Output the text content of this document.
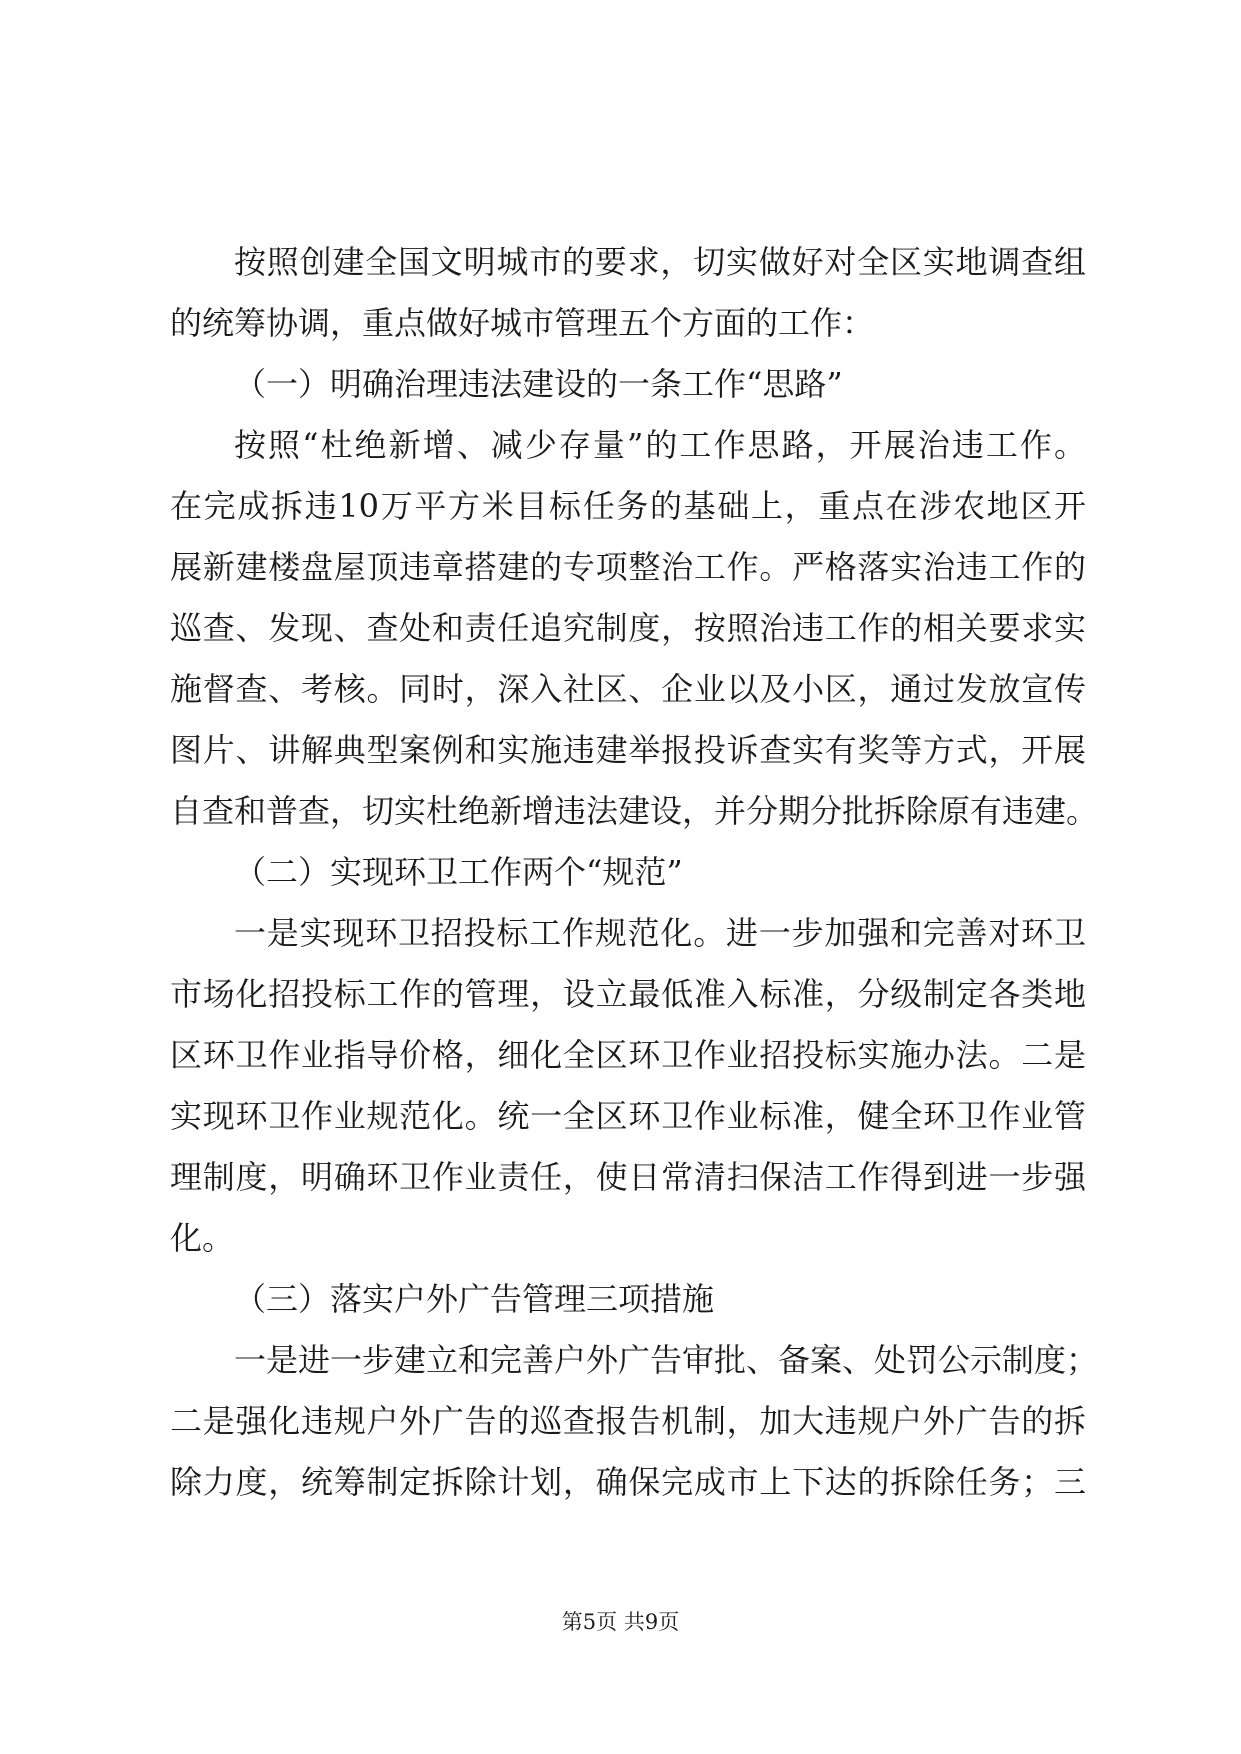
按照创建全国文明城市的要求，切实做好对全区实地调查组
的统筹协调，重点做好城市管理五个方面的工作：
（一）明确治理违法建设的一条工作“思路”
按照“杜绝新增、减少存量”的工作思路，开展治违工作。
在完成拆违10万平方米目标任务的基础上，重点在涉农地区开
展新建楼盘屋顶违章搭建的专项整治工作。严格落实治违工作的
巡查、发现、查处和责任追究制度，按照治违工作的相关要求实
施督查、考核。同时，深入社区、企业以及小区，通过发放宣传
图片、讲解典型案例和实施违建举报投诉查实有奖等方式，开展
自查和普查，切实杜绝新增违法建设，并分期分批拆除原有违建。
（二）实现环卫工作两个“规范”
一是实现环卫招投标工作规范化。进一步加强和完善对环卫
市场化招投标工作的管理，设立最低准入标准，分级制定各类地
区环卫作业指导价格，细化全区环卫作业招投标实施办法。二是
实现环卫作业规范化。统一全区环卫作业标准，健全环卫作业管
理制度，明确环卫作业责任，使日常清扫保洁工作得到进一步强
化。
（三）落实户外广告管理三项措施
一是进一步建立和完善户外广告审批、备案、处罚公示制度；
二是强化违规户外广告的巡查报告机制，加大违规户外广告的拆
除力度，统筹制定拆除计划，确保完成市上下达的拆除任务；三
第5页 共9页
